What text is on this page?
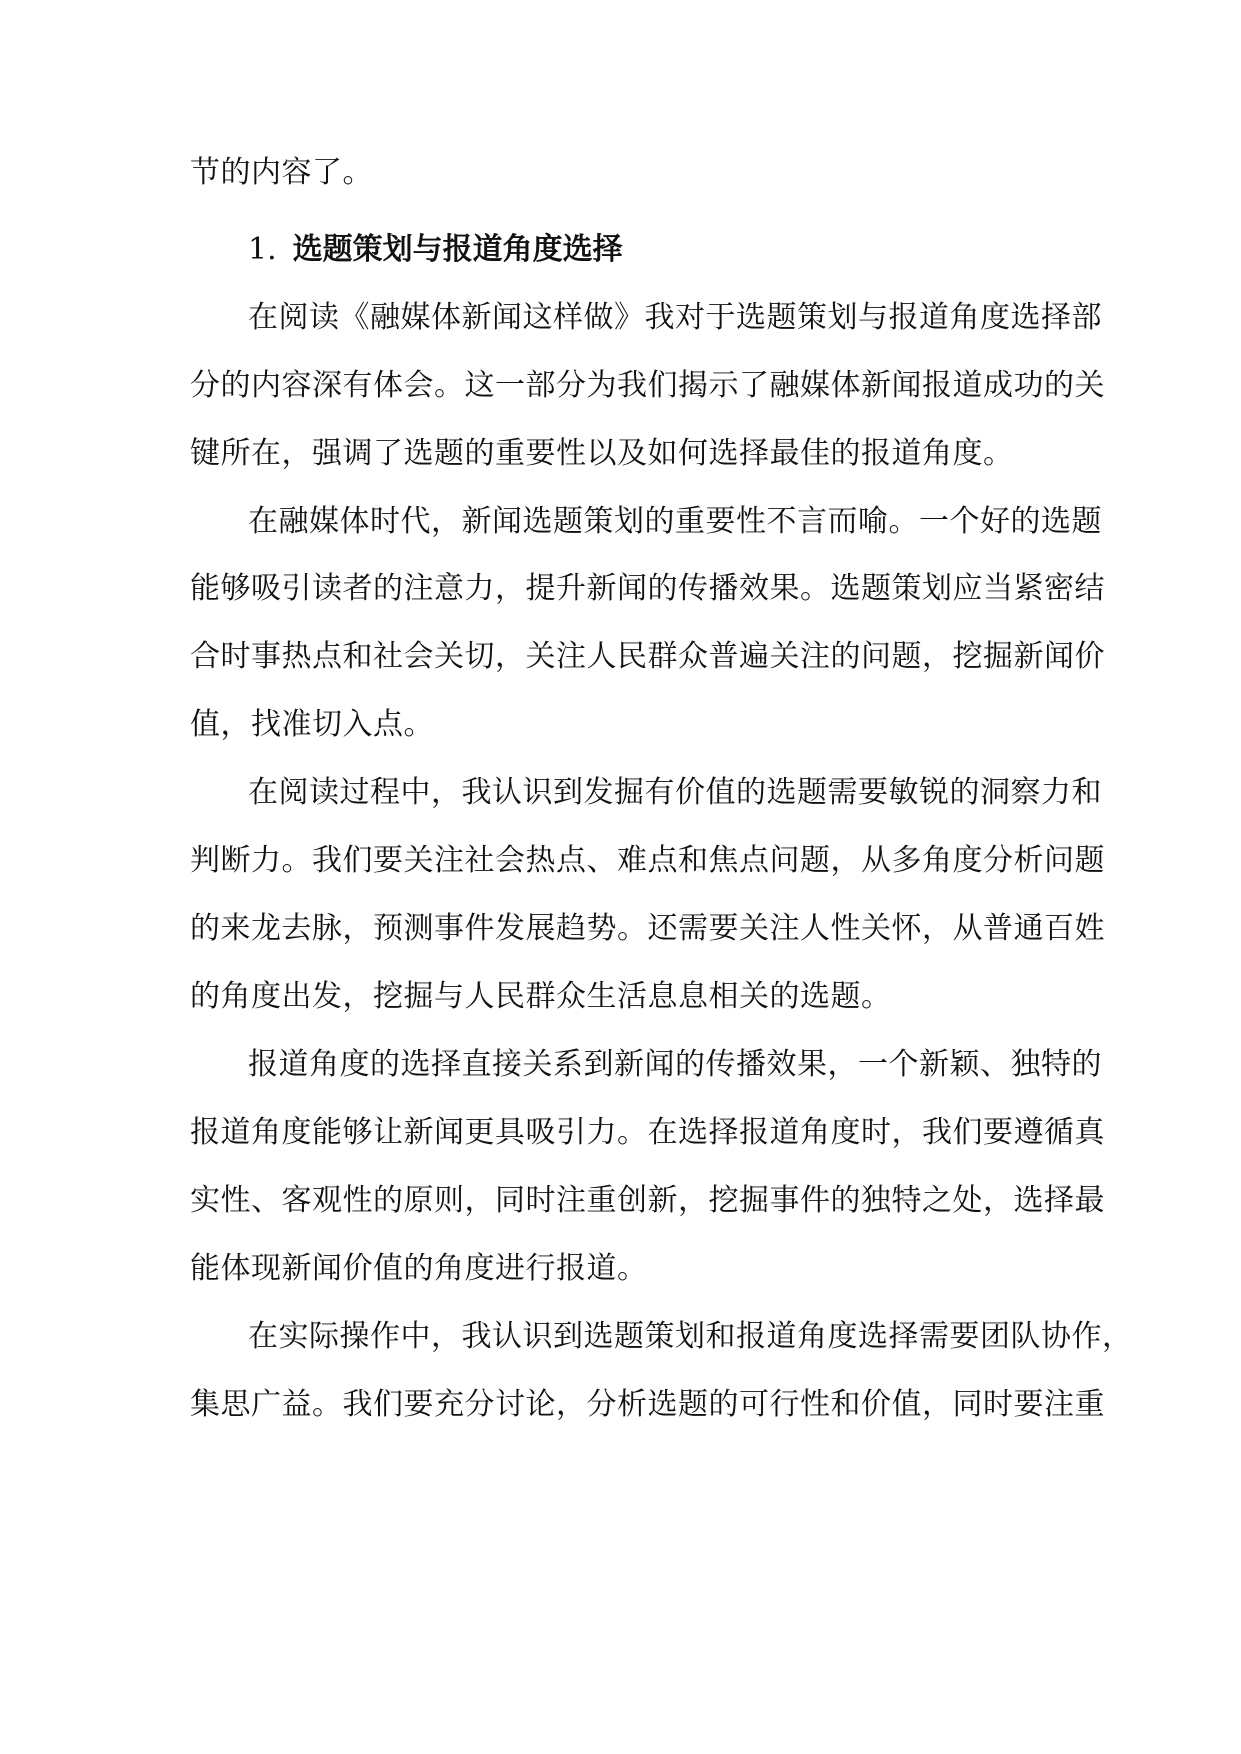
节的内容了。
1. 选题策划与报道角度选择
在阅读《融媒体新闻这样做》我对于选题策划与报道角度选择部
分的内容深有体会。这一部分为我们揭示了融媒体新闻报道成功的关
键所在，强调了选题的重要性以及如何选择最佳的报道角度。
在融媒体时代，新闻选题策划的重要性不言而喻。一个好的选题
能够吸引读者的注意力，提升新闻的传播效果。选题策划应当紧密结
合时事热点和社会关切，关注人民群众普遍关注的问题，挖掘新闻价
值，找准切入点。
在阅读过程中，我认识到发掘有价值的选题需要敏锐的洞察力和
判断力。我们要关注社会热点、难点和焦点问题，从多角度分析问题
的来龙去脉，预测事件发展趋势。还需要关注人性关怀，从普通百姓
的角度出发，挖掘与人民群众生活息息相关的选题。
报道角度的选择直接关系到新闻的传播效果，一个新颖、独特的
报道角度能够让新闻更具吸引力。在选择报道角度时，我们要遵循真
实性、客观性的原则，同时注重创新，挖掘事件的独特之处，选择最
能体现新闻价值的角度进行报道。
在实际操作中，我认识到选题策划和报道角度选择需要团队协作，
集思广益。我们要充分讨论，分析选题的可行性和价值，同时要注重
